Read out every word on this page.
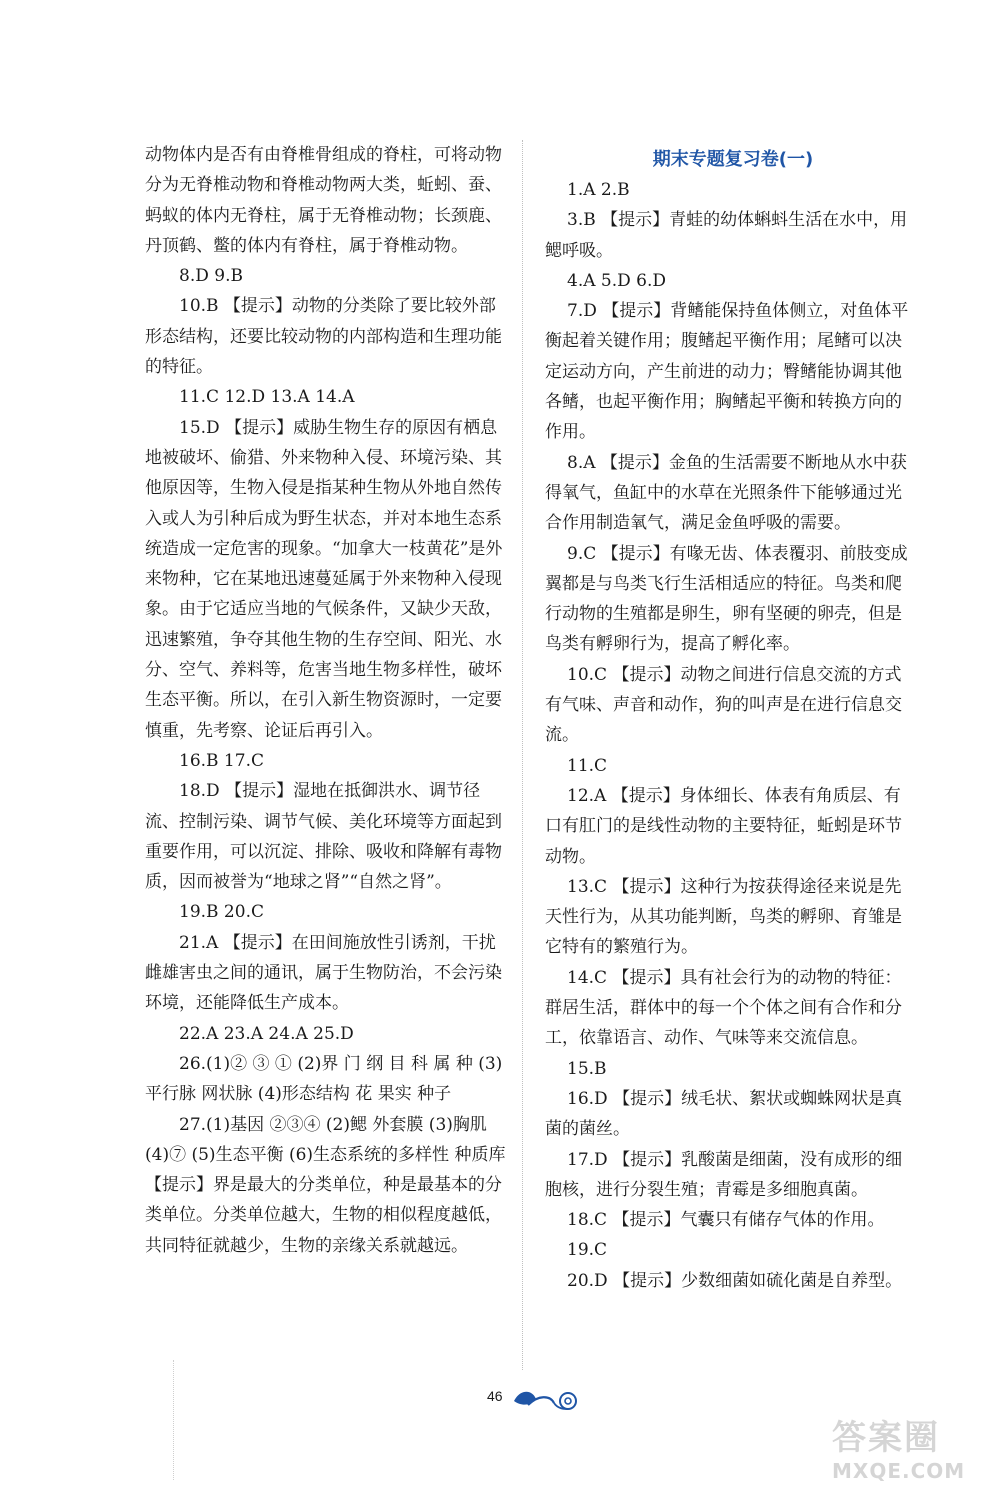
动物体内是否有由脊椎骨组成的脊柱，可将动物分为无脊椎动物和脊椎动物两大类，蚯蚓、蚕、蚂蚁的体内无脊柱，属于无脊椎动物；长颈鹿、丹顶鹤、鳖的体内有脊柱，属于脊椎动物。

8.D 9.B

10.B 【提示】动物的分类除了要比较外部形态结构，还要比较动物的内部构造和生理功能的特征。

11.C 12.D 13.A 14.A

15.D 【提示】威胁生物生存的原因有栖息地被破坏、偷猎、外来物种入侵、环境污染、其他原因等，生物入侵是指某种生物从外地自然传入或人为引种后成为野生状态，并对本地生态系统造成一定危害的现象。“加拿大一枝黄花”是外来物种，它在某地迅速蔓延属于外来物种入侵现象。由于它适应当地的气候条件，又缺少天敌，迅速繁殖，争夺其他生物的生存空间、阳光、水分、空气、养料等，危害当地生物多样性，破坏生态平衡。所以，在引入新生物资源时，一定要慎重，先考察、论证后再引入。

16.B 17.C

18.D 【提示】湿地在抵御洪水、调节径流、控制污染、调节气候、美化环境等方面起到重要作用，可以沉淀、排除、吸收和降解有毒物质，因而被誉为“地球之肾”“自然之肾”。

19.B 20.C

21.A 【提示】在田间施放性引诱剂，干扰雌雄害虫之间的通讯，属于生物防治，不会污染环境，还能降低生产成本。

22.A 23.A 24.A 25.D

26.(1)② ③ ① (2)界 门 纲 目 科 属 种 (3)平行脉 网状脉 (4)形态结构 花 果实 种子

27.(1)基因 ②③④ (2)鳃 外套膜 (3)胸肌 (4)⑦ (5)生态平衡 (6)生态系统的多样性 种质库 【提示】界是最大的分类单位，种是最基本的分类单位。分类单位越大，生物的相似程度越低，共同特征就越少，生物的亲缘关系就越远。

期末专题复习卷(一)

1.A 2.B

3.B 【提示】青蛙的幼体蝌蚪生活在水中，用鳃呼吸。

4.A 5.D 6.D

7.D 【提示】背鳍能保持鱼体侧立，对鱼体平衡起着关键作用；腹鳍起平衡作用；尾鳍可以决定运动方向，产生前进的动力；臀鳍能协调其他各鳍，也起平衡作用；胸鳍起平衡和转换方向的作用。

8.A 【提示】金鱼的生活需要不断地从水中获得氧气，鱼缸中的水草在光照条件下能够通过光合作用制造氧气，满足金鱼呼吸的需要。

9.C 【提示】有喙无齿、体表覆羽、前肢变成翼都是与鸟类飞行生活相适应的特征。鸟类和爬行动物的生殖都是卵生，卵有坚硬的卵壳，但是鸟类有孵卵行为，提高了孵化率。

10.C 【提示】动物之间进行信息交流的方式有气味、声音和动作，狗的叫声是在进行信息交流。

11.C

12.A 【提示】身体细长、体表有角质层、有口有肛门的是线性动物的主要特征，蚯蚓是环节动物。

13.C 【提示】这种行为按获得途径来说是先天性行为，从其功能判断，鸟类的孵卵、育雏是它特有的繁殖行为。

14.C 【提示】具有社会行为的动物的特征：群居生活，群体中的每一个个体之间有合作和分工，依靠语言、动作、气味等来交流信息。

15.B

16.D 【提示】绒毛状、絮状或蜘蛛网状是真菌的菌丝。

17.D 【提示】乳酸菌是细菌，没有成形的细胞核，进行分裂生殖；青霉是多细胞真菌。

18.C 【提示】气囊只有储存气体的作用。

19.C

20.D 【提示】少数细菌如硫化菌是自养型。

46
答案圈
MXQE.COM
